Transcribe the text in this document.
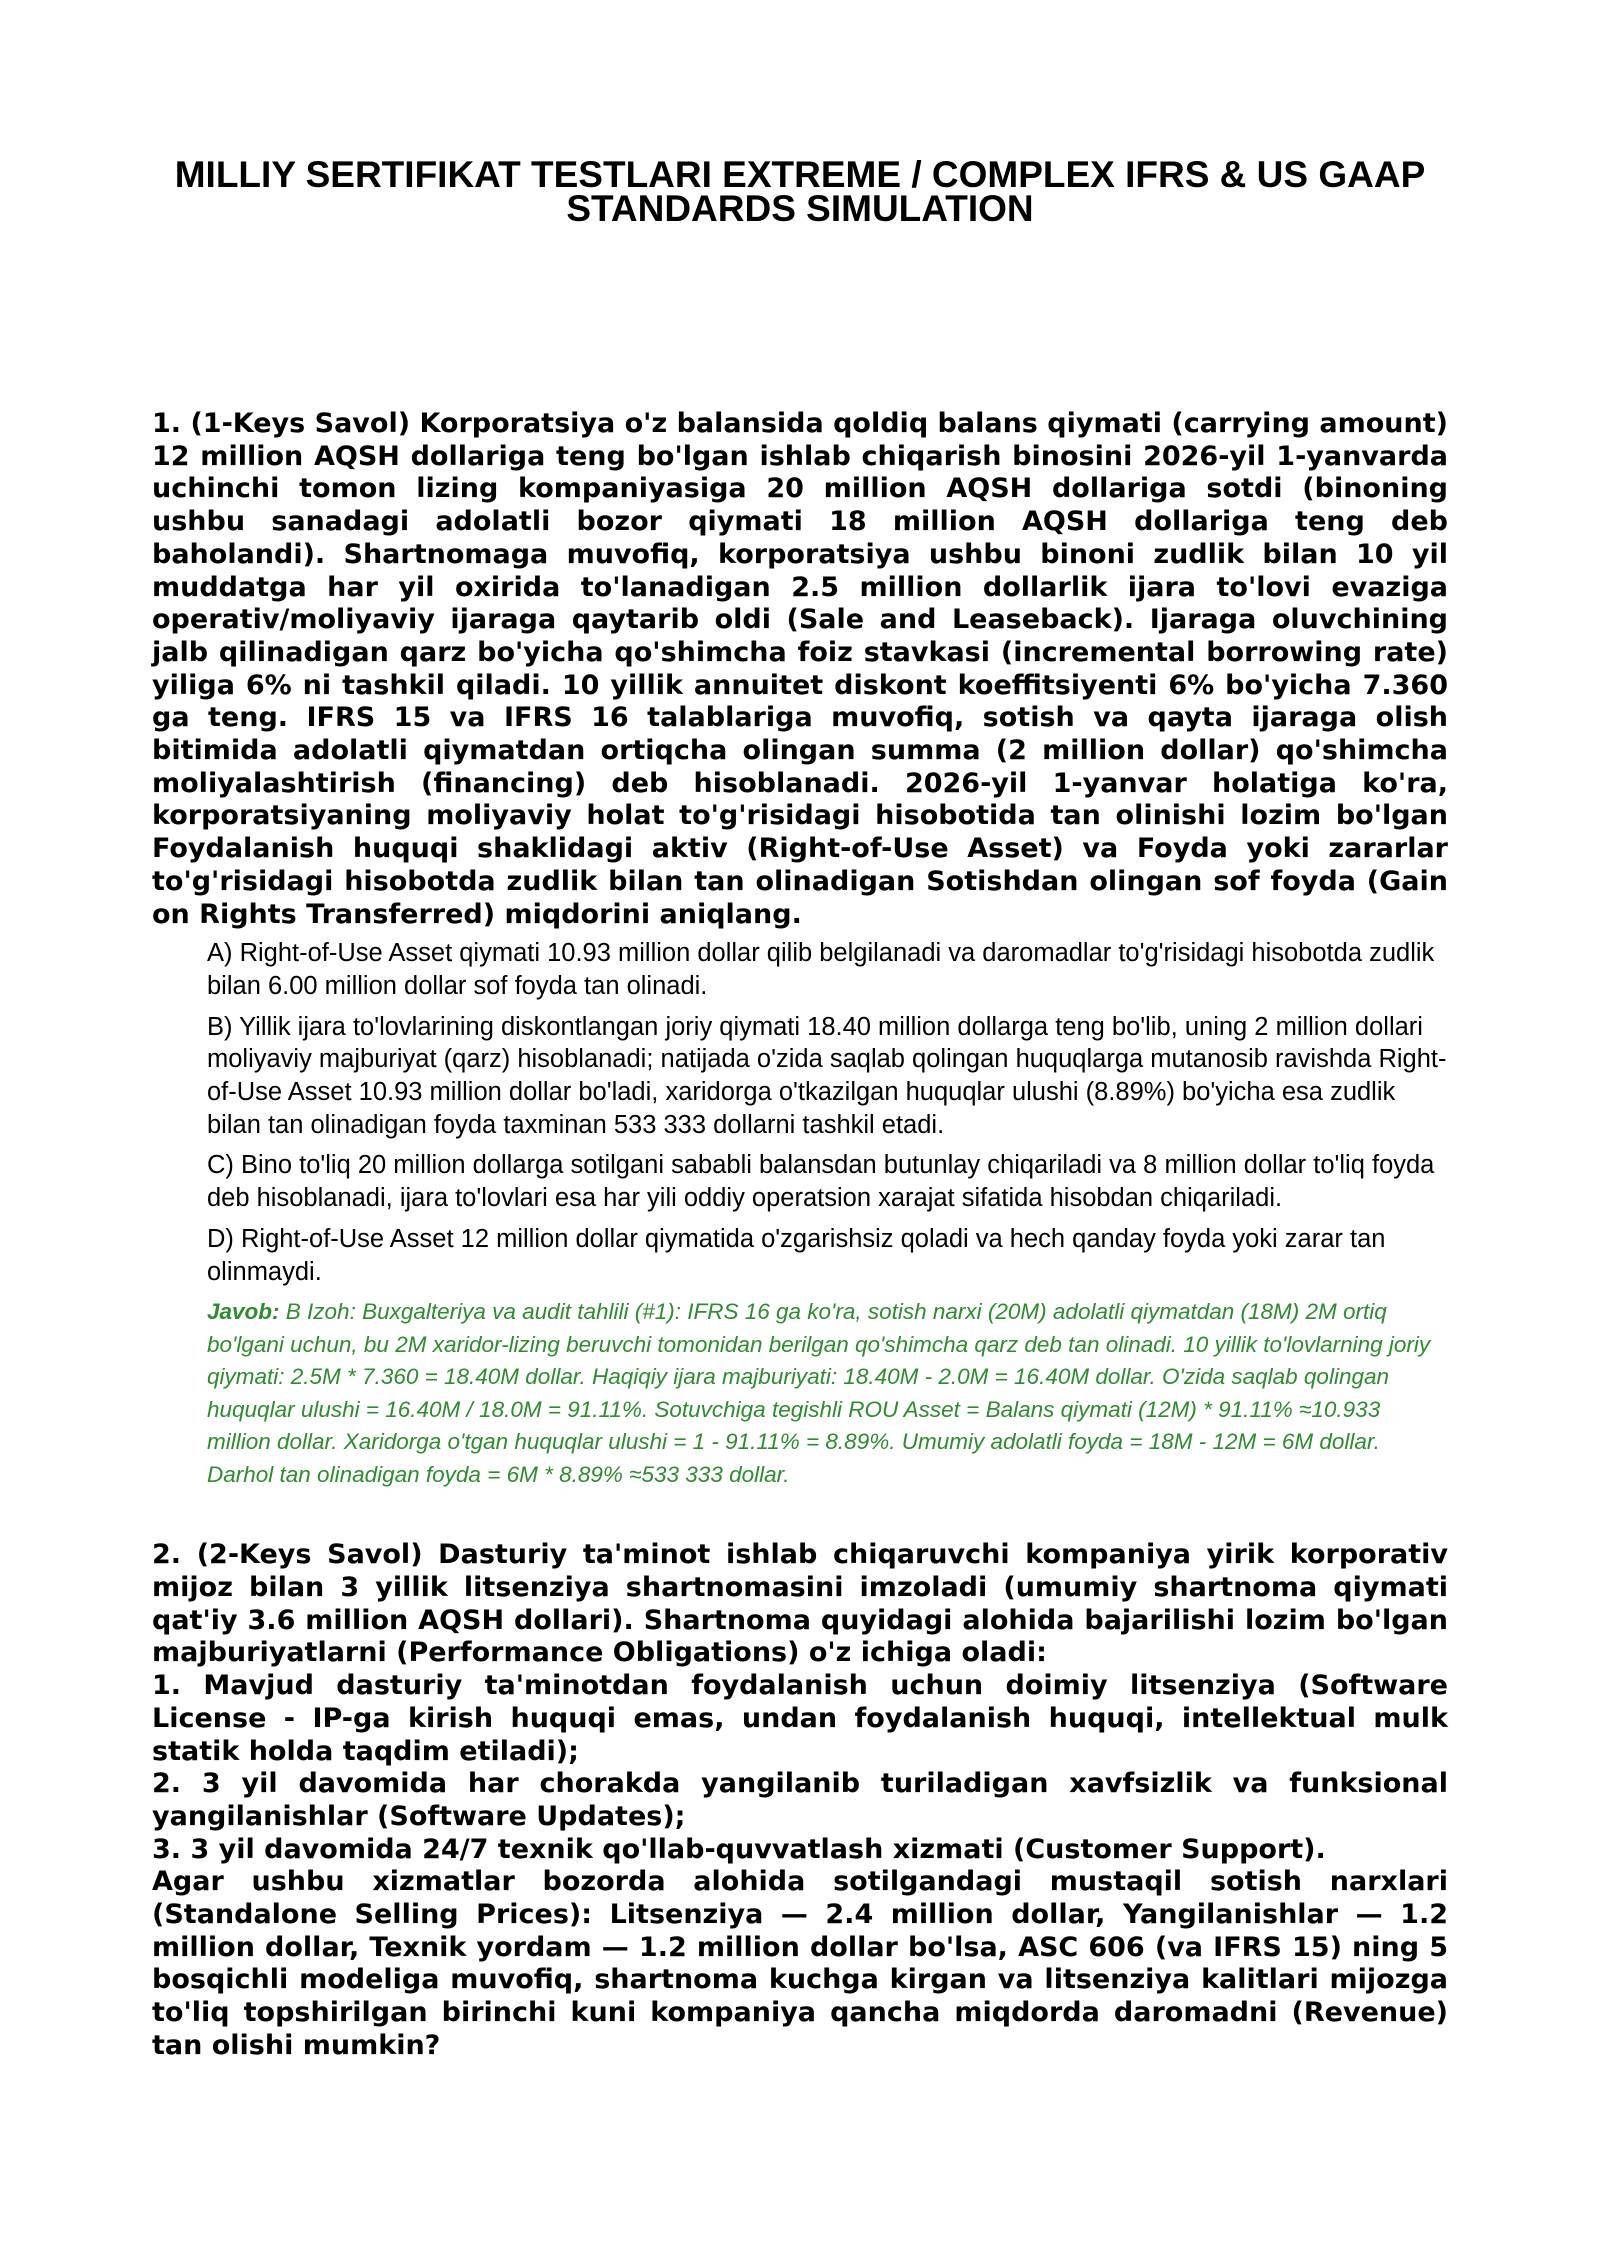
MILLIY SERTIFIKAT TESTLARI EXTREME / COMPLEX IFRS & US GAAP STANDARDS SIMULATION

1. (1-Keys Savol) Korporatsiya o'z balansida qoldiq balans qiymati (carrying amount) 12 million AQSH dollariga teng bo'lgan ishlab chiqarish binosini 2026-yil 1-yanvarda uchinchi tomon lizing kompaniyasiga 20 million AQSH dollariga sotdi (binoning ushbu sanadagi adolatli bozor qiymati 18 million AQSH dollariga teng deb baholandi). Shartnomaga muvofiq, korporatsiya ushbu binoni zudlik bilan 10 yil muddatga har yil oxirida to'lanadigan 2.5 million dollarlik ijara to'lovi evaziga operativ/moliyaviy ijaraga qaytarib oldi (Sale and Leaseback). Ijaraga oluvchining jalb qilinadigan qarz bo'yicha qo'shimcha foiz stavkasi (incremental borrowing rate) yiliga 6% ni tashkil qiladi. 10 yillik annuitet diskont koeffitsiyenti 6% bo'yicha 7.360 ga teng. IFRS 15 va IFRS 16 talablariga muvofiq, sotish va qayta ijaraga olish bitimida adolatli qiymatdan ortiqcha olingan summa (2 million dollar) qo'shimcha moliyalashtirish (financing) deb hisoblanadi. 2026-yil 1-yanvar holatiga ko'ra, korporatsiyaning moliyaviy holat to'g'risidagi hisobotida tan olinishi lozim bo'lgan Foydalanish huquqi shaklidagi aktiv (Right-of-Use Asset) va Foyda yoki zararlar to'g'risidagi hisobotda zudlik bilan tan olinadigan Sotishdan olingan sof foyda (Gain on Rights Transferred) miqdorini aniqlang.

A) Right-of-Use Asset qiymati 10.93 million dollar qilib belgilanadi va daromadlar to'g'risidagi hisobotda zudlik bilan 6.00 million dollar sof foyda tan olinadi.

B) Yillik ijara to'lovlarining diskontlangan joriy qiymati 18.40 million dollarga teng bo'lib, uning 2 million dollari moliyaviy majburiyat (qarz) hisoblanadi; natijada o'zida saqlab qolingan huquqlarga mutanosib ravishda Right-of-Use Asset 10.93 million dollar bo'ladi, xaridorga o'tkazilgan huquqlar ulushi (8.89%) bo'yicha esa zudlik bilan tan olinadigan foyda taxminan 533 333 dollarni tashkil etadi.

C) Bino to'liq 20 million dollarga sotilgani sababli balansdan butunlay chiqariladi va 8 million dollar to'liq foyda deb hisoblanadi, ijara to'lovlari esa har yili oddiy operatsion xarajat sifatida hisobdan chiqariladi.

D) Right-of-Use Asset 12 million dollar qiymatida o'zgarishsiz qoladi va hech qanday foyda yoki zarar tan olinmaydi.

Javob: B Izoh: Buxgalteriya va audit tahlili (#1): IFRS 16 ga ko'ra, sotish narxi (20M) adolatli qiymatdan (18M) 2M ortiq bo'lgani uchun, bu 2M xaridor-lizing beruvchi tomonidan berilgan qo'shimcha qarz deb tan olinadi. 10 yillik to'lovlarning joriy qiymati: 2.5M * 7.360 = 18.40M dollar. Haqiqiy ijara majburiyati: 18.40M - 2.0M = 16.40M dollar. O'zida saqlab qolingan huquqlar ulushi = 16.40M / 18.0M = 91.11%. Sotuvchiga tegishli ROU Asset = Balans qiymati (12M) * 91.11% ≈10.933 million dollar. Xaridorga o'tgan huquqlar ulushi = 1 - 91.11% = 8.89%. Umumiy adolatli foyda = 18M - 12M = 6M dollar. Darhol tan olinadigan foyda = 6M * 8.89% ≈533 333 dollar.

2. (2-Keys Savol) Dasturiy ta'minot ishlab chiqaruvchi kompaniya yirik korporativ mijoz bilan 3 yillik litsenziya shartnomasini imzoladi (umumiy shartnoma qiymati qat'iy 3.6 million AQSH dollari). Shartnoma quyidagi alohida bajarilishi lozim bo'lgan majburiyatlarni (Performance Obligations) o'z ichiga oladi:
1. Mavjud dasturiy ta'minotdan foydalanish uchun doimiy litsenziya (Software License - IP-ga kirish huquqi emas, undan foydalanish huquqi, intellektual mulk statik holda taqdim etiladi);
2. 3 yil davomida har chorakda yangilanib turiladigan xavfsizlik va funksional yangilanishlar (Software Updates);
3. 3 yil davomida 24/7 texnik qo'llab-quvvatlash xizmati (Customer Support).
Agar ushbu xizmatlar bozorda alohida sotilgandagi mustaqil sotish narxlari (Standalone Selling Prices): Litsenziya — 2.4 million dollar, Yangilanishlar — 1.2 million dollar, Texnik yordam — 1.2 million dollar bo'lsa, ASC 606 (va IFRS 15) ning 5 bosqichli modeliga muvofiq, shartnoma kuchga kirgan va litsenziya kalitlari mijozga to'liq topshirilgan birinchi kuni kompaniya qancha miqdorda daromadni (Revenue) tan olishi mumkin?
